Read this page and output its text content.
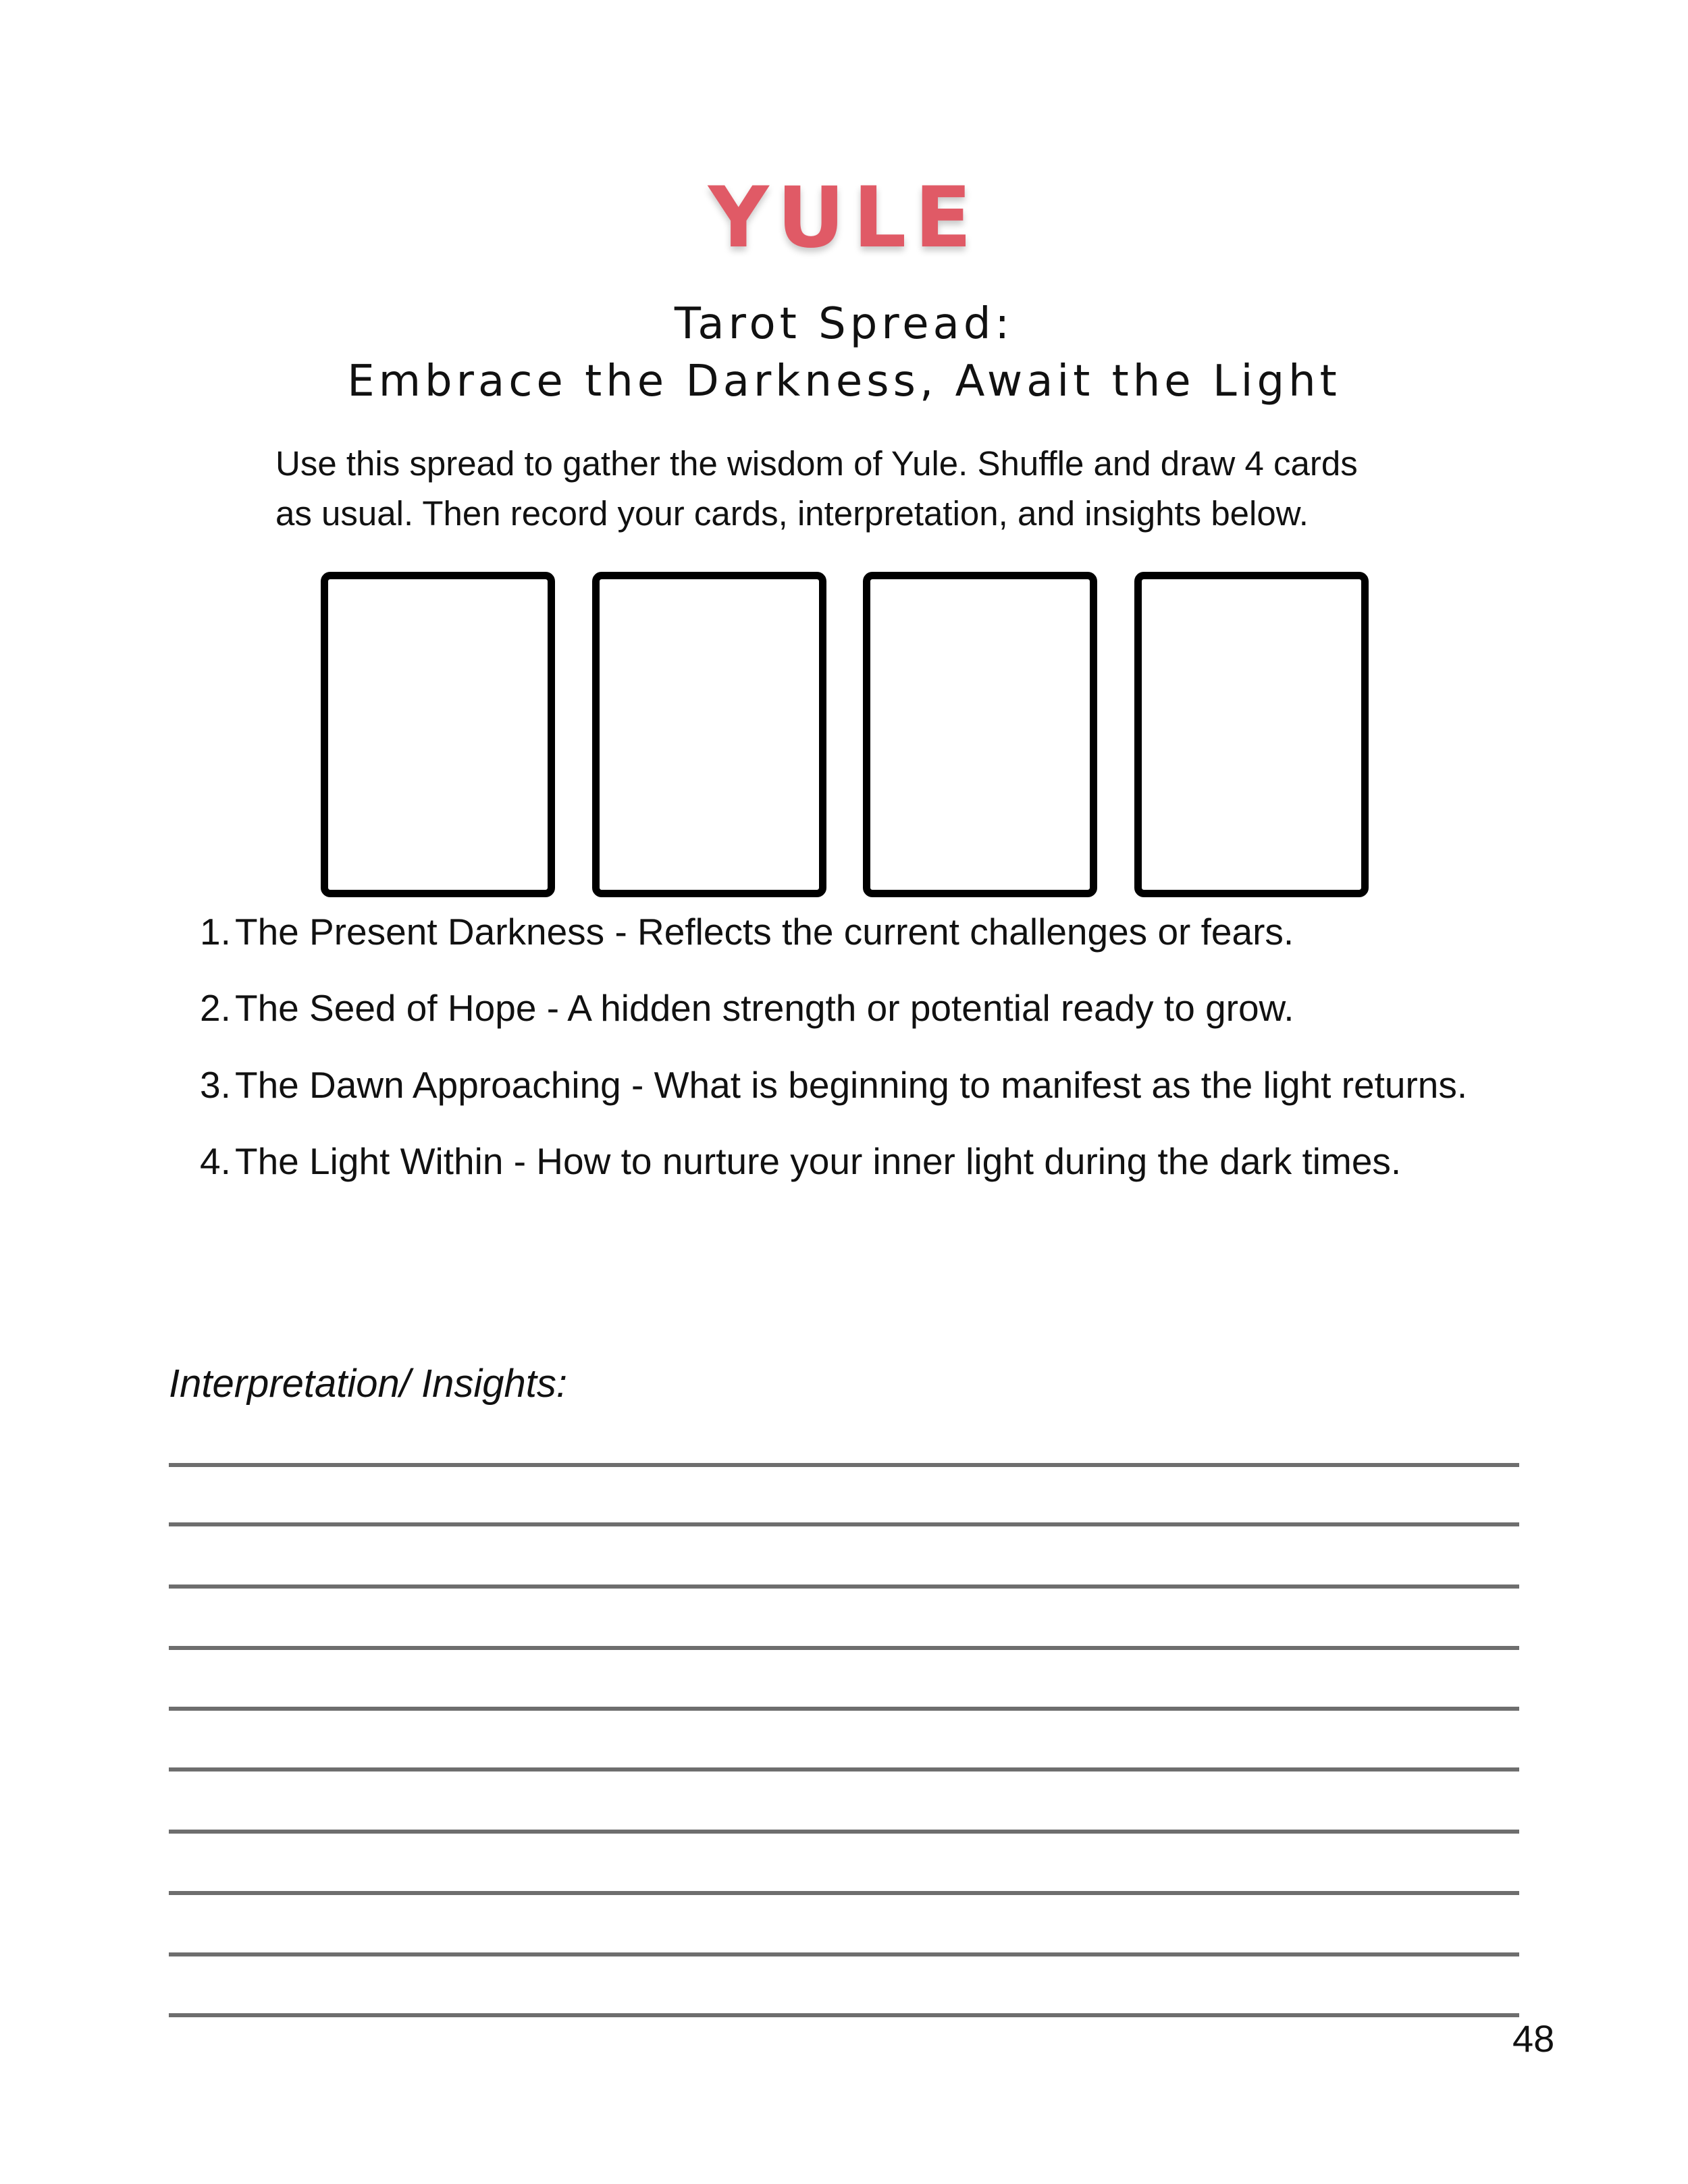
YULE
Tarot Spread:
Embrace the Darkness, Await the Light
Use this spread to gather the wisdom of Yule. Shuffle and draw 4 cards
as usual. Then record your cards, interpretation, and insights below.
1. The Present Darkness - Reflects the current challenges or fears.
2. The Seed of Hope - A hidden strength or potential ready to grow.
3. The Dawn Approaching - What is beginning to manifest as the light returns.
4. The Light Within - How to nurture your inner light during the dark times.
Interpretation/ Insights:
48
